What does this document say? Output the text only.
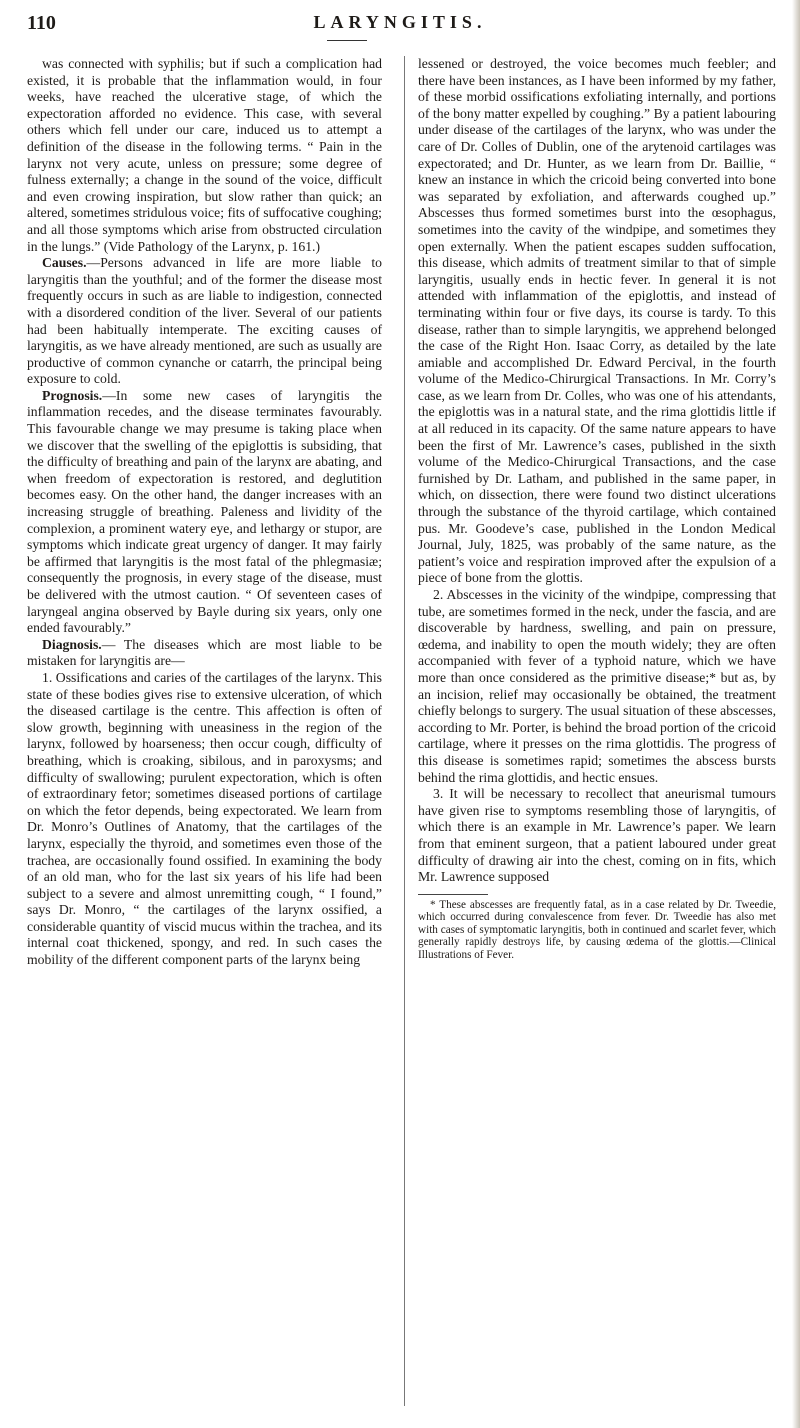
110	LARYNGITIS.

was connected with syphilis; but if such a complication had existed, it is probable that the inflammation would, in four weeks, have reached the ulcerative stage, of which the expectoration afforded no evidence. This case, with several others which fell under our care, induced us to attempt a definition of the disease in the following terms. “ Pain in the larynx not very acute, unless on pressure; some degree of fulness externally; a change in the sound of the voice, difficult and even crowing inspiration, but slow rather than quick; an altered, sometimes stridulous voice; fits of suffocative coughing; and all those symptoms which arise from obstructed circulation in the lungs.” (Vide Pathology of the Larynx, p. 161.)

Causes.—Persons advanced in life are more liable to laryngitis than the youthful; and of the former the disease most frequently occurs in such as are liable to indigestion, connected with a disordered condition of the liver. Several of our patients had been habitually intemperate. The exciting causes of laryngitis, as we have already mentioned, are such as usually are productive of common cynanche or catarrh, the principal being exposure to cold.

Prognosis.—In some new cases of laryngitis the inflammation recedes, and the disease terminates favourably. This favourable change we may presume is taking place when we discover that the swelling of the epiglottis is subsiding, that the difficulty of breathing and pain of the larynx are abating, and when freedom of expectoration is restored, and deglutition becomes easy. On the other hand, the danger increases with an increasing struggle of breathing. Paleness and lividity of the complexion, a prominent watery eye, and lethargy or stupor, are symptoms which indicate great urgency of danger. It may fairly be affirmed that laryngitis is the most fatal of the phlegmasiæ; consequently the prognosis, in every stage of the disease, must be delivered with the utmost caution. “ Of seventeen cases of laryngeal angina observed by Bayle during six years, only one ended favourably.”

Diagnosis.— The diseases which are most liable to be mistaken for laryngitis are—

1. Ossifications and caries of the cartilages of the larynx. This state of these bodies gives rise to extensive ulceration, of which the diseased cartilage is the centre. This affection is often of slow growth, beginning with uneasiness in the region of the larynx, followed by hoarseness; then occur cough, difficulty of breathing, which is croaking, sibilous, and in paroxysms; and difficulty of swallowing; purulent expectoration, which is often of extraordinary fetor; sometimes diseased portions of cartilage on which the fetor depends, being expectorated. We learn from Dr. Monro’s Outlines of Anatomy, that the cartilages of the larynx, especially the thyroid, and sometimes even those of the trachea, are occasionally found ossified. In examining the body of an old man, who for the last six years of his life had been subject to a severe and almost unremitting cough, “ I found,” says Dr. Monro, “ the cartilages of the larynx ossified, a considerable quantity of viscid mucus within the trachea, and its internal coat thickened, spongy, and red. In such cases the mobility of the different component parts of the larynx being

lessened or destroyed, the voice becomes much feebler; and there have been instances, as I have been informed by my father, of these morbid ossifications exfoliating internally, and portions of the bony matter expelled by coughing.” By a patient labouring under disease of the cartilages of the larynx, who was under the care of Dr. Colles of Dublin, one of the arytenoid cartilages was expectorated; and Dr. Hunter, as we learn from Dr. Baillie, “ knew an instance in which the cricoid being converted into bone was separated by exfoliation, and afterwards coughed up.” Abscesses thus formed sometimes burst into the œsophagus, sometimes into the cavity of the windpipe, and sometimes they open externally. When the patient escapes sudden suffocation, this disease, which admits of treatment similar to that of simple laryngitis, usually ends in hectic fever. In general it is not attended with inflammation of the epiglottis, and instead of terminating within four or five days, its course is tardy. To this disease, rather than to simple laryngitis, we apprehend belonged the case of the Right Hon. Isaac Corry, as detailed by the late amiable and accomplished Dr. Edward Percival, in the fourth volume of the Medico-Chirurgical Transactions. In Mr. Corry’s case, as we learn from Dr. Colles, who was one of his attendants, the epiglottis was in a natural state, and the rima glottidis little if at all reduced in its capacity. Of the same nature appears to have been the first of Mr. Lawrence’s cases, published in the sixth volume of the Medico-Chirurgical Transactions, and the case furnished by Dr. Latham, and published in the same paper, in which, on dissection, there were found two distinct ulcerations through the substance of the thyroid cartilage, which contained pus. Mr. Goodeve’s case, published in the London Medical Journal, July, 1825, was probably of the same nature, as the patient’s voice and respiration improved after the expulsion of a piece of bone from the glottis.

2. Abscesses in the vicinity of the windpipe, compressing that tube, are sometimes formed in the neck, under the fascia, and are discoverable by hardness, swelling, and pain on pressure, œdema, and inability to open the mouth widely; they are often accompanied with fever of a typhoid nature, which we have more than once considered as the primitive disease;* but as, by an incision, relief may occasionally be obtained, the treatment chiefly belongs to surgery. The usual situation of these abscesses, according to Mr. Porter, is behind the broad portion of the cricoid cartilage, where it presses on the rima glottidis. The progress of this disease is sometimes rapid; sometimes the abscess bursts behind the rima glottidis, and hectic ensues.

3. It will be necessary to recollect that aneurismal tumours have given rise to symptoms resembling those of laryngitis, of which there is an example in Mr. Lawrence’s paper. We learn from that eminent surgeon, that a patient laboured under great difficulty of drawing air into the chest, coming on in fits, which Mr. Lawrence supposed

* These abscesses are frequently fatal, as in a case related by Dr. Tweedie, which occurred during convalescence from fever. Dr. Tweedie has also met with cases of symptomatic laryngitis, both in continued and scarlet fever, which generally rapidly destroys life, by causing œdema of the glottis.—Clinical Illustrations of Fever.
